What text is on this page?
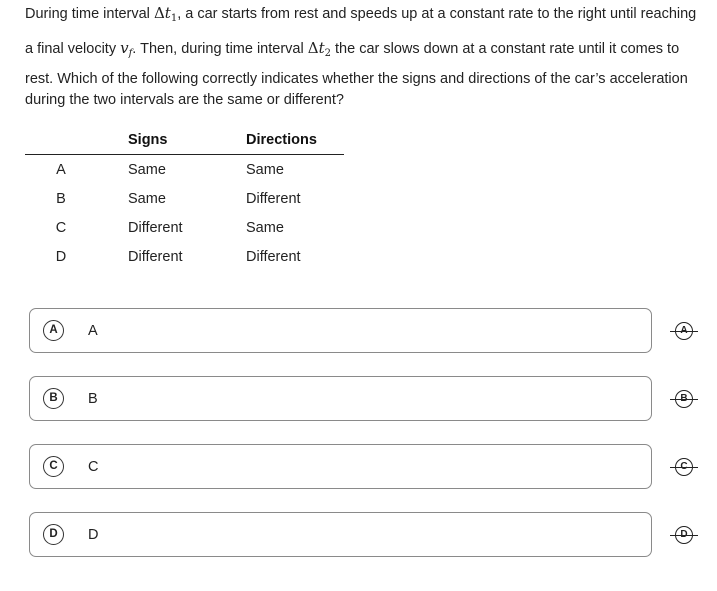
During time interval $\Delta t_1$, a car starts from rest and speeds up at a constant rate to the right until reaching
a final velocity $v_f$. Then, during time interval $\Delta t_2$ the car slows down at a constant rate until it comes to
rest. Which of the following correctly indicates whether the signs and directions of the car’s acceleration
during the two intervals are the same or different?
	Signs	Directions
A	Same	Same
B	Same	Different
C	Different	Same
D	Different	Different
A	A
B	B
C	C
D	D
